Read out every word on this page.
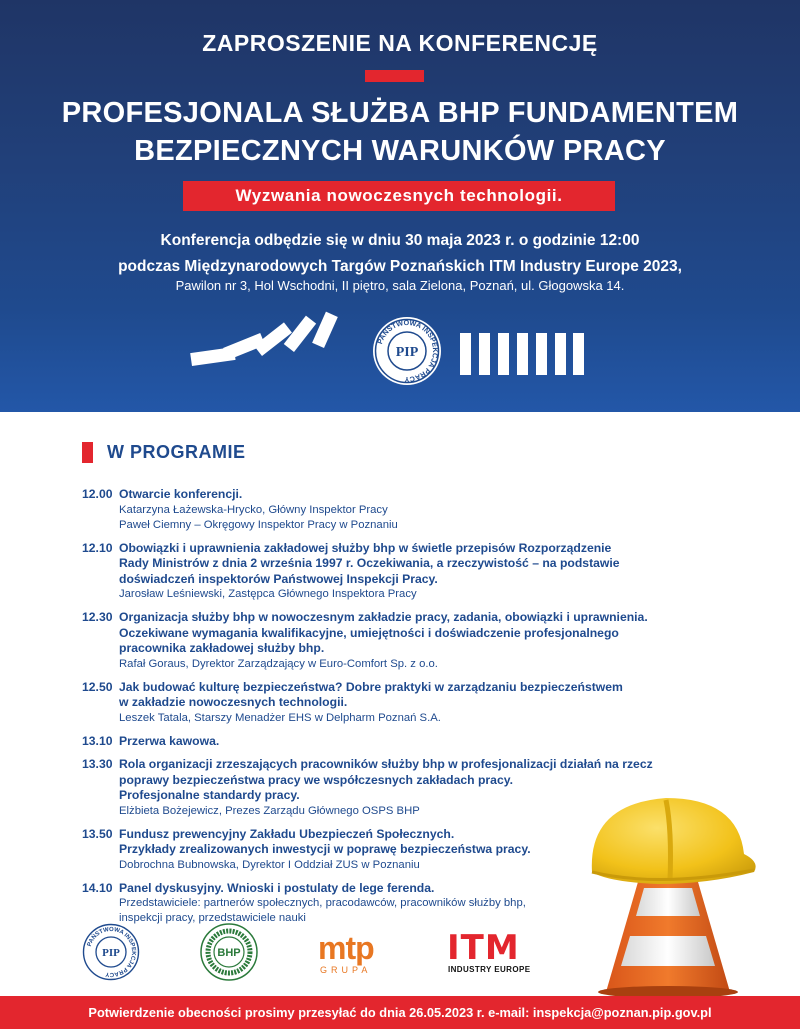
ZAPROSZENIE NA KONFERENCJĘ
PROFESJONALA SŁUŻBA BHP FUNDAMENTEM
BEZPIECZNYCH WARUNKÓW PRACY
Wyzwania nowoczesnych technologii.
Konferencja odbędzie się w dniu 30 maja 2023 r. o godzinie 12:00
podczas Międzynarodowych Targów Poznańskich ITM Industry Europe 2023,
Pawilon nr 3, Hol Wschodni, II piętro, sala Zielona, Poznań, ul. Głogowska 14.
PAŃSTWOWA INSPEKCJA PRACY
PIP
W PROGRAMIE
12.00 Otwarcie konferencji.
Katarzyna Łażewska-Hrycko, Główny Inspektor Pracy
Paweł Ciemny – Okręgowy Inspektor Pracy w Poznaniu
12.10 Obowiązki i uprawnienia zakładowej służby bhp w świetle przepisów Rozporządzenie
Rady Ministrów z dnia 2 września 1997 r. Oczekiwania, a rzeczywistość – na podstawie
doświadczeń inspektorów Państwowej Inspekcji Pracy.
Jarosław Leśniewski, Zastępca Głównego Inspektora Pracy
12.30 Organizacja służby bhp w nowoczesnym zakładzie pracy, zadania, obowiązki i uprawnienia.
Oczekiwane wymagania kwalifikacyjne, umiejętności i doświadczenie profesjonalnego
pracownika zakładowej służby bhp.
Rafał Goraus, Dyrektor Zarządzający w Euro-Comfort Sp. z o.o.
12.50 Jak budować kulturę bezpieczeństwa? Dobre praktyki w zarządzaniu bezpieczeństwem
w zakładzie nowoczesnych technologii.
Leszek Tatala, Starszy Menadżer EHS w Delpharm Poznań S.A.
13.10 Przerwa kawowa.
13.30 Rola organizacji zrzeszających pracowników służby bhp w profesjonalizacji działań na rzecz
poprawy bezpieczeństwa pracy we współczesnych zakładach pracy.
Profesjonalne standardy pracy.
Elżbieta Bożejewicz, Prezes Zarządu Głównego OSPS BHP
13.50 Fundusz prewencyjny Zakładu Ubezpieczeń Społecznych.
Przykłady zrealizowanych inwestycji w poprawę bezpieczeństwa pracy.
Dobrochna Bubnowska, Dyrektor I Oddział ZUS w Poznaniu
14.10 Panel dyskusyjny. Wnioski i postulaty de lege ferenda.
Przedstawiciele: partnerów społecznych, pracodawców, pracowników służby bhp,
inspekcji pracy, przedstawiciele nauki
PAŃSTWOWA INSPEKCJA PRACY
PIP	BHP mtp
GRUPA
ITM
INDUSTRY EUROPE
Potwierdzenie obecności prosimy przesyłać do dnia 26.05.2023 r. e-mail: inspekcja@poznan.pip.gov.pl
